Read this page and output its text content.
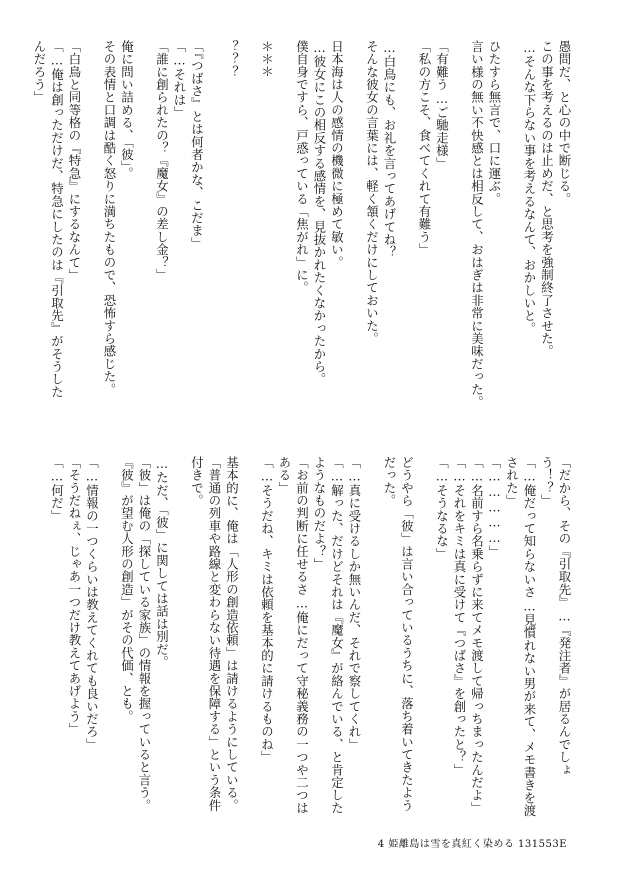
愚問だ、と心の中で断じる。
この事を考えるのは止めだ、と思考を強制終了させた。
…そんな下らない事を考えるなんて、おかしいと。

ひたすら無言で、口に運ぶ。
言い様の無い不快感とは相反して、おはぎは非常に美味だった。

「有難う…ご馳走様」
「私の方こそ、食べてくれて有難う」

…白鳥にも、お礼を言ってあげてね？
そんな彼女の言葉には、軽く頷くだけにしておいた。

日本海は人の感情の機微に極めて敏い。
…彼女にこの相反する感情を、見抜かれたくなかったから。
僕自身ですら、戸惑っている「焦がれ」に。

＊＊＊

？？？

「『つばさ』とは何者かな、こだま」
「…それは」
「誰に創られたの？『魔女』の差し金？」

俺に問い詰める、「彼」。
その表情と口調は酷く怒りに満ちたもので、恐怖すら感じた。

「白鳥と同等格の『特急』にするなんて」
「…俺は創っただけだ、特急にしたのは『引取先』がそうした
んだろう」
「だから、その『引取先』…『発注者』が居るんでしょ
う！？」
「…俺だって知らないさ…見慣れない男が来て、メモ書きを渡
された」
「……………」
「…名前すら名乗らずに来てメモ渡して帰っちまったんだよ」
「…それをキミは真に受けて『つばさ』を創ったと？」
「…そうなるな」

どうやら「彼」は言い合っているうちに、落ち着いてきたよう
だった。

「…真に受けるしか無いんだ、それで察してくれ」
「…解った、だけどそれは『魔女』が絡んでいる、と肯定した
ようなものだよ？」
「お前の判断に任せるさ…俺にだって守秘義務の一つや二つは
ある」
「…そうだね、キミは依頼を基本的に請けるものね」

基本的に、俺は「人形の創造依頼」は請けるようにしている。
「普通の列車や路線と変わらない待遇を保障する」という条件
付きで。

…ただ、「彼」に関しては話は別だ。
「彼」は俺の「探している家族」の情報を握っていると言う。
『彼』が望む人形の創造」がその代価、とも。

「…情報の一つくらいは教えてくれても良いだろ」
「そうだねぇ、じゃあ一つだけ教えてあげよう」
「…何だ」
4 姫離島は雪を真紅く染める 131553E
